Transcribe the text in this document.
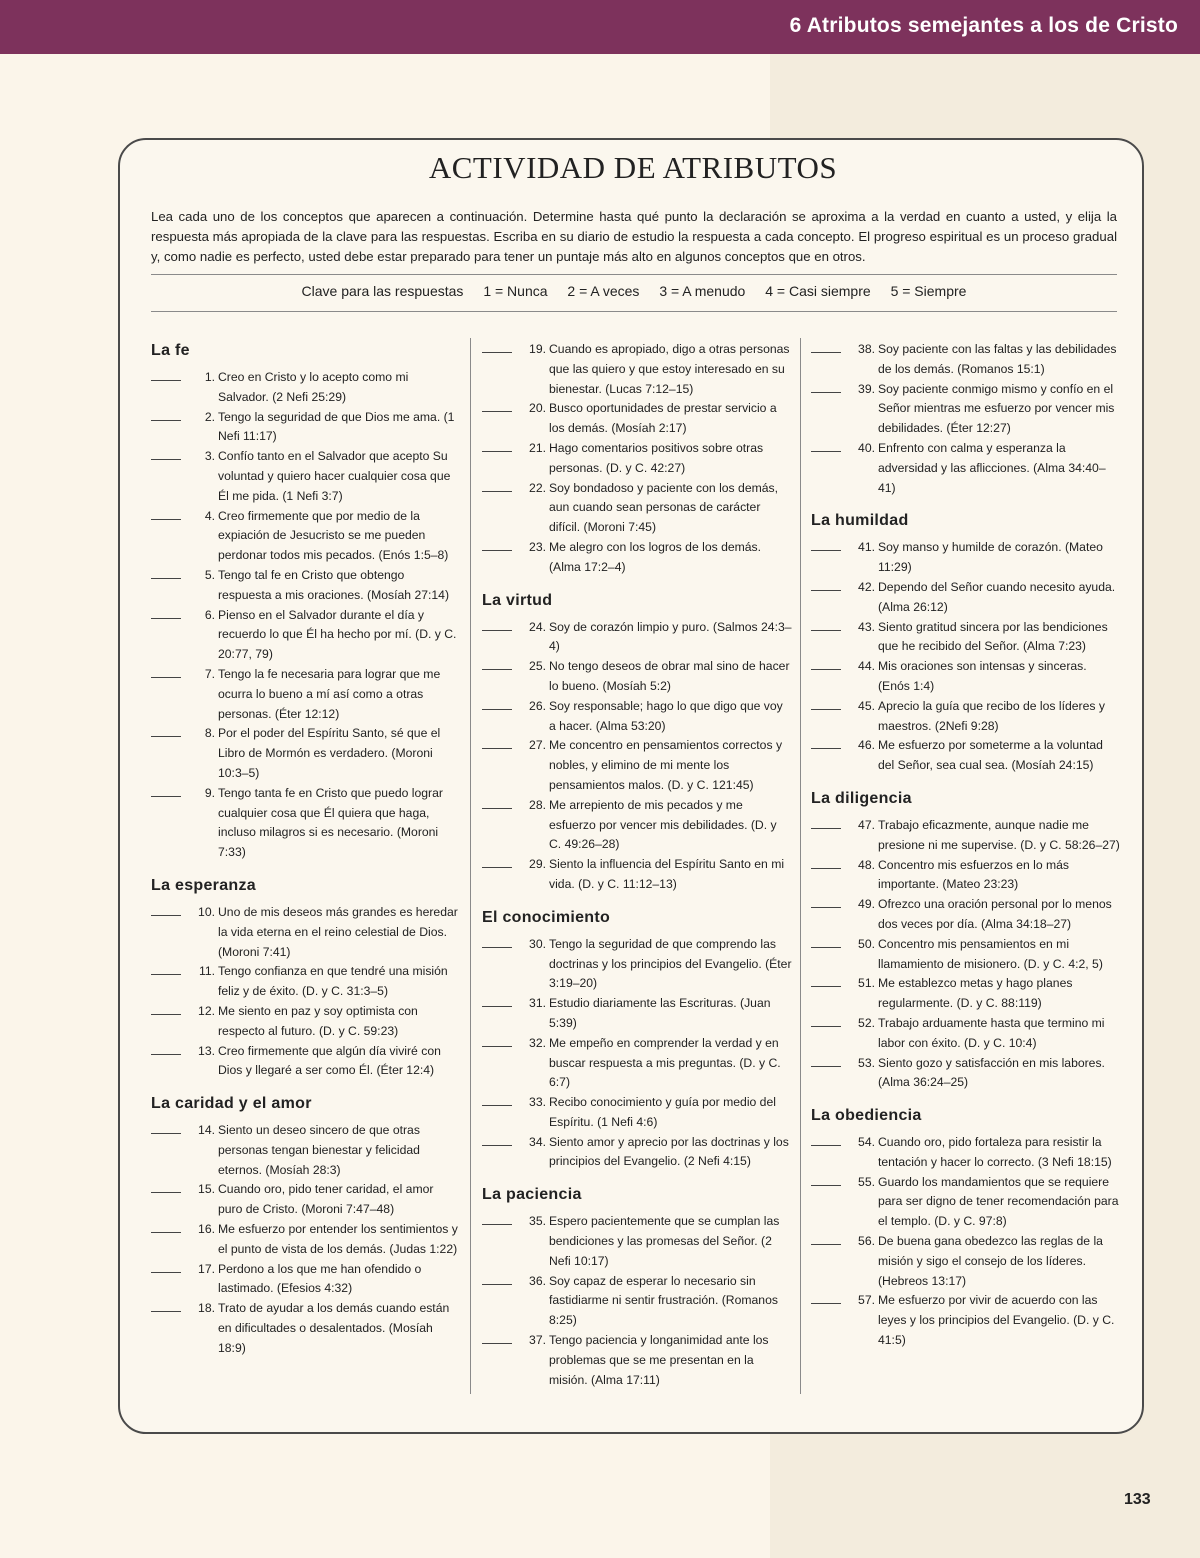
6 Atributos semejantes a los de Cristo
ACTIVIDAD DE ATRIBUTOS
Lea cada uno de los conceptos que aparecen a continuación. Determine hasta qué punto la declaración se aproxima a la verdad en cuanto a usted, y elija la respuesta más apropiada de la clave para las respuestas. Escriba en su diario de estudio la respuesta a cada concepto. El progreso espiritual es un proceso gradual y, como nadie es perfecto, usted debe estar preparado para tener un puntaje más alto en algunos conceptos que en otros.
Clave para las respuestas 1 = Nunca 2 = A veces 3 = A menudo 4 = Casi siempre 5 = Siempre
La fe
1. Creo en Cristo y lo acepto como mi Salvador. (2 Nefi 25:29)
2. Tengo la seguridad de que Dios me ama. (1 Nefi 11:17)
3. Confío tanto en el Salvador que acepto Su voluntad y quiero hacer cualquier cosa que Él me pida. (1 Nefi 3:7)
4. Creo firmemente que por medio de la expiación de Jesucristo se me pueden perdonar todos mis pecados. (Enós 1:5–8)
5. Tengo tal fe en Cristo que obtengo respuesta a mis oraciones. (Mosíah 27:14)
6. Pienso en el Salvador durante el día y recuerdo lo que Él ha hecho por mí. (D. y C. 20:77, 79)
7. Tengo la fe necesaria para lograr que me ocurra lo bueno a mí así como a otras personas. (Éter 12:12)
8. Por el poder del Espíritu Santo, sé que el Libro de Mormón es verdadero. (Moroni 10:3–5)
9. Tengo tanta fe en Cristo que puedo lograr cualquier cosa que Él quiera que haga, incluso milagros si es necesario. (Moroni 7:33)
La esperanza
10. Uno de mis deseos más grandes es heredar la vida eterna en el reino celestial de Dios. (Moroni 7:41)
11. Tengo confianza en que tendré una misión feliz y de éxito. (D. y C. 31:3–5)
12. Me siento en paz y soy optimista con respecto al futuro. (D. y C. 59:23)
13. Creo firmemente que algún día viviré con Dios y llegaré a ser como Él. (Éter 12:4)
La caridad y el amor
14. Siento un deseo sincero de que otras personas tengan bienestar y felicidad eternos. (Mosíah 28:3)
15. Cuando oro, pido tener caridad, el amor puro de Cristo. (Moroni 7:47–48)
16. Me esfuerzo por entender los sentimientos y el punto de vista de los demás. (Judas 1:22)
17. Perdono a los que me han ofendido o lastimado. (Efesios 4:32)
18. Trato de ayudar a los demás cuando están en dificultades o desalentados. (Mosíah 18:9)
19. Cuando es apropiado, digo a otras personas que las quiero y que estoy interesado en su bienestar. (Lucas 7:12–15)
20. Busco oportunidades de prestar servicio a los demás. (Mosíah 2:17)
21. Hago comentarios positivos sobre otras personas. (D. y C. 42:27)
22. Soy bondadoso y paciente con los demás, aun cuando sean personas de carácter difícil. (Moroni 7:45)
23. Me alegro con los logros de los demás. (Alma 17:2–4)
La virtud
24. Soy de corazón limpio y puro. (Salmos 24:3–4)
25. No tengo deseos de obrar mal sino de hacer lo bueno. (Mosíah 5:2)
26. Soy responsable; hago lo que digo que voy a hacer. (Alma 53:20)
27. Me concentro en pensamientos correctos y nobles, y elimino de mi mente los pensamientos malos. (D. y C. 121:45)
28. Me arrepiento de mis pecados y me esfuerzo por vencer mis debilidades. (D. y C. 49:26–28)
29. Siento la influencia del Espíritu Santo en mi vida. (D. y C. 11:12–13)
El conocimiento
30. Tengo la seguridad de que comprendo las doctrinas y los principios del Evangelio. (Éter 3:19–20)
31. Estudio diariamente las Escrituras. (Juan 5:39)
32. Me empeño en comprender la verdad y en buscar respuesta a mis preguntas. (D. y C. 6:7)
33. Recibo conocimiento y guía por medio del Espíritu. (1 Nefi 4:6)
34. Siento amor y aprecio por las doctrinas y los principios del Evangelio. (2 Nefi 4:15)
La paciencia
35. Espero pacientemente que se cumplan las bendiciones y las promesas del Señor. (2 Nefi 10:17)
36. Soy capaz de esperar lo necesario sin fastidiarme ni sentir frustración. (Romanos 8:25)
37. Tengo paciencia y longanimidad ante los problemas que se me presentan en la misión. (Alma 17:11)
38. Soy paciente con las faltas y las debilidades de los demás. (Romanos 15:1)
39. Soy paciente conmigo mismo y confío en el Señor mientras me esfuerzo por vencer mis debilidades. (Éter 12:27)
40. Enfrento con calma y esperanza la adversidad y las aflicciones. (Alma 34:40–41)
La humildad
41. Soy manso y humilde de corazón. (Mateo 11:29)
42. Dependo del Señor cuando necesito ayuda. (Alma 26:12)
43. Siento gratitud sincera por las bendiciones que he recibido del Señor. (Alma 7:23)
44. Mis oraciones son intensas y sinceras. (Enós 1:4)
45. Aprecio la guía que recibo de los líderes y maestros. (2Nefi 9:28)
46. Me esfuerzo por someterme a la voluntad del Señor, sea cual sea. (Mosíah 24:15)
La diligencia
47. Trabajo eficazmente, aunque nadie me presione ni me supervise. (D. y C. 58:26–27)
48. Concentro mis esfuerzos en lo más importante. (Mateo 23:23)
49. Ofrezco una oración personal por lo menos dos veces por día. (Alma 34:18–27)
50. Concentro mis pensamientos en mi llamamiento de misionero. (D. y C. 4:2, 5)
51. Me establezco metas y hago planes regularmente. (D. y C. 88:119)
52. Trabajo arduamente hasta que termino mi labor con éxito. (D. y C. 10:4)
53. Siento gozo y satisfacción en mis labores. (Alma 36:24–25)
La obediencia
54. Cuando oro, pido fortaleza para resistir la tentación y hacer lo correcto. (3 Nefi 18:15)
55. Guardo los mandamientos que se requiere para ser digno de tener recomendación para el templo. (D. y C. 97:8)
56. De buena gana obedezco las reglas de la misión y sigo el consejo de los líderes. (Hebreos 13:17)
57. Me esfuerzo por vivir de acuerdo con las leyes y los principios del Evangelio. (D. y C. 41:5)
133
